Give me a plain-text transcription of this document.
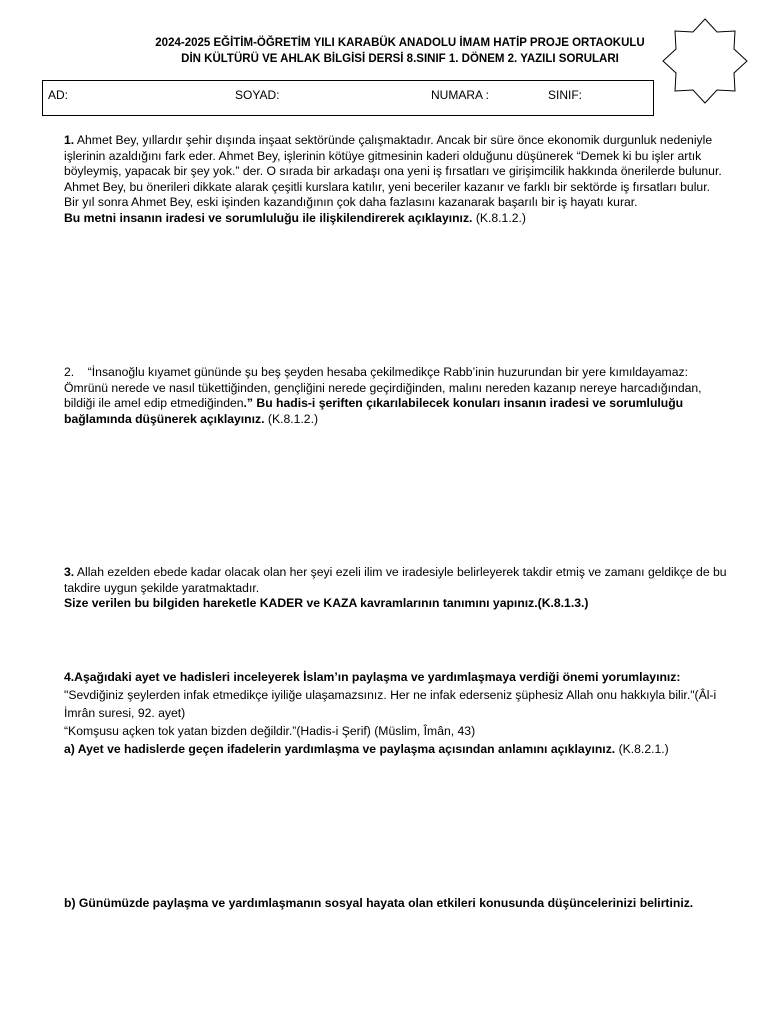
2024-2025 EĞİTİM-ÖĞRETİM YILI KARABÜK ANADOLU İMAM HATİP PROJE ORTAOKULU
DİN KÜLTÜRÜ VE AHLAK BİLGİSİ DERSİ 8.SINIF 1. DÖNEM 2. YAZILI SORULARI
AD:	SOYAD:	NUMARA :	SINIF:
1. Ahmet Bey, yıllardır şehir dışında inşaat sektöründe çalışmaktadır. Ancak bir süre önce ekonomik durgunluk nedeniyle işlerinin azaldığını fark eder. Ahmet Bey, işlerinin kötüye gitmesinin kaderi olduğunu düşünerek “Demek ki bu işler artık böyleymiş, yapacak bir şey yok.” der. O sırada bir arkadaşı ona yeni iş fırsatları ve girişimcilik hakkında önerilerde bulunur. Ahmet Bey, bu önerileri dikkate alarak çeşitli kurslara katılır, yeni beceriler kazanır ve farklı bir sektörde iş fırsatları bulur. Bir yıl sonra Ahmet Bey, eski işinden kazandığının çok daha fazlasını kazanarak başarılı bir iş hayatı kurar.
Bu metni insanın iradesi ve sorumluluğu ile ilişkilendirerek açıklayınız. (K.8.1.2.)
2. “İnsanoğlu kıyamet gününde şu beş şeyden hesaba çekilmedikçe Rabb’inin huzurundan bir yere kımıldayamaz: Ömrünü nerede ve nasıl tükettiğinden, gençliğini nerede geçirdiğinden, malını nereden kazanıp nereye harcadığından, bildiği ile amel edip etmediğinden.” Bu hadis-i şeriften çıkarılabilecek konuları insanın iradesi ve sorumluluğu bağlamında düşünerek açıklayınız. (K.8.1.2.)
3. Allah ezelden ebede kadar olacak olan her şeyi ezeli ilim ve iradesiyle belirleyerek takdir etmiş ve zamanı geldikçe de bu takdire uygun şekilde yaratmaktadır.
Size verilen bu bilgiden hareketle KADER ve KAZA kavramlarının tanımını yapınız.(K.8.1.3.)
4.Aşağıdaki ayet ve hadisleri inceleyerek İslam’ın paylaşma ve yardımlaşmaya verdiği önemi yorumlayınız:
"Sevdiğiniz şeylerden infak etmedikçe iyiliğe ulaşamazsınız. Her ne infak ederseniz şüphesiz Allah onu hakkıyla bilir."(Âl-i İmrân suresi, 92. ayet)
“Komşusu açken tok yatan bizden değildir.”(Hadis-i Şerif) (Müslim, Îmân, 43)
a) Ayet ve hadislerde geçen ifadelerin yardımlaşma ve paylaşma açısından anlamını açıklayınız. (K.8.2.1.)
b) Günümüzde paylaşma ve yardımlaşmanın sosyal hayata olan etkileri konusunda düşüncelerinizi belirtiniz.
